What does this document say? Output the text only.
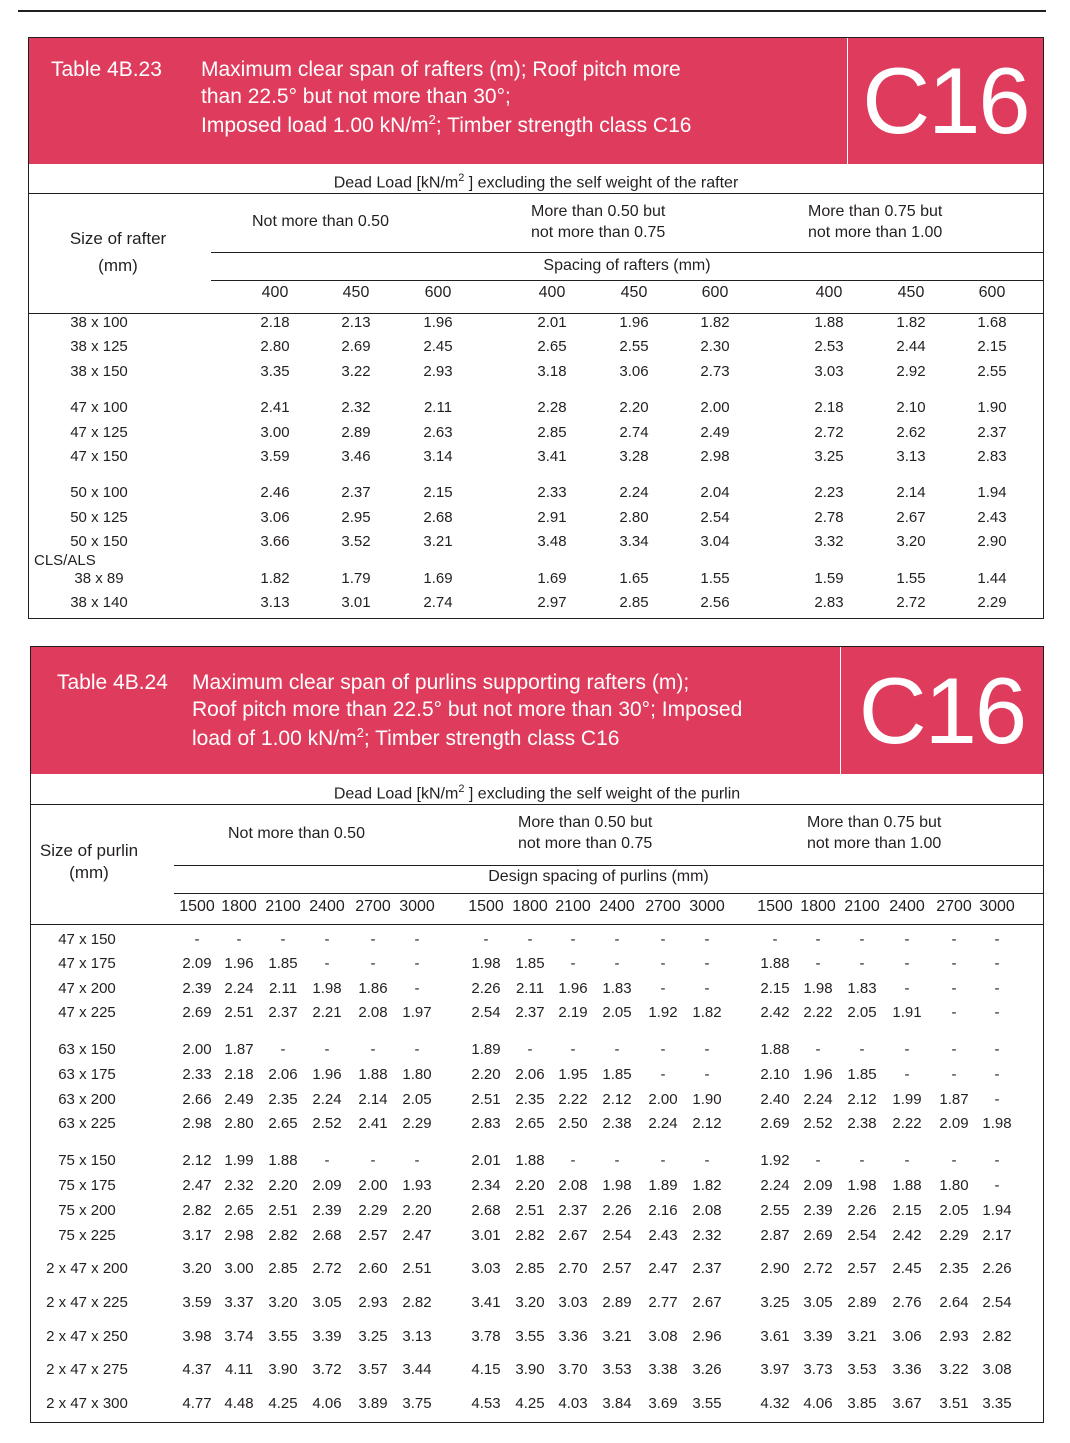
Table 4B.23 Maximum clear span of rafters (m); Roof pitch more
than 22.5° but not more than 30°;
Imposed load 1.00 $kN/m^2$; Timber strength class C16 C16
Dead Load [$kN/m^2$ ] excluding the self weight of the rafter
Size of rafter
(mm)
Not more than 0.50
More than 0.50 but
not more than 0.75
More than 0.75 but
not more than 1.00
Spacing of rafters (mm)
400	450	600	400	450	600	400	450	600
38 x 100	2.18	2.13	1.96	2.01	1.96	1.82	1.88	1.82	1.68
38 x 125	2.80	2.69	2.45	2.65	2.55	2.30	2.53	2.44	2.15
38 x 150	3.35	3.22	2.93	3.18	3.06	2.73	3.03	2.92	2.55
47 x 100	2.41	2.32	2.11	2.28	2.20	2.00	2.18	2.10	1.90
47 x 125	3.00	2.89	2.63	2.85	2.74	2.49	2.72	2.62	2.37
47 x 150	3.59	3.46	3.14	3.41	3.28	2.98	3.25	3.13	2.83
50 x 100	2.46	2.37	2.15	2.33	2.24	2.04	2.23	2.14	1.94
50 x 125	3.06	2.95	2.68	2.91	2.80	2.54	2.78	2.67	2.43
50 x 150	3.66	3.52	3.21	3.48	3.34	3.04	3.32	3.20	2.90
38 x 89	1.82	1.79	1.69	1.69	1.65	1.55	1.59	1.55	1.44
38 x 140	3.13	3.01	2.74	2.97	2.85	2.56	2.83	2.72	2.29
CLS/ALS
Table 4B.24 Maximum clear span of purlins supporting rafters (m);
Roof pitch more than 22.5° but not more than 30°; Imposed
load of 1.00 $kN/m^2$; Timber strength class C16	C16
Dead Load [$kN/m^2$ ] excluding the self weight of the purlin
Size of purlin
(mm)
Not more than 0.50
More than 0.50 but
not more than 0.75
More than 0.75 but
not more than 1.00
Design spacing of purlins (mm)
1500 1800 2100 2400 2700 3000	1500 1800 2100 2400 2700 3000	1500 1800 2100 2400 2700 3000
47 x 150	-	-	-	-	-	-	-	-	-	-	-	-	-	-	-	-	-	-
47 x 175	2.09 1.96 1.85	-	-	-	1.98 1.85	-	-	-	-	1.88	-	-	-	-	-
47 x 200	2.39 2.24	2.11	1.98	1.86	-	2.26	2.11 1.96 1.83	-	-	2.15 1.98 1.83	-	-	-
47 x 225	2.69 2.51 2.37 2.21	2.08 1.97	2.54 2.37 2.19 2.05	1.92 1.82	2.42 2.22 2.05	1.91	-	-
63 x 150	2.00 1.87	-	-	-	-	1.89	-	-	-	-	-	1.88	-	-	-	-	-
63 x 175	2.33 2.18 2.06 1.96	1.88 1.80	2.20 2.06 1.95 1.85	-	-	2.10 1.96 1.85	-	-	-
63 x 200	2.66 2.49 2.35 2.24	2.14 2.05	2.51 2.35 2.22 2.12	2.00 1.90	2.40 2.24 2.12	1.99	1.87	-
63 x 225	2.98 2.80 2.65 2.52	2.41 2.29	2.83 2.65 2.50 2.38	2.24 2.12	2.69 2.52 2.38	2.22	2.09 1.98
75 x 150	2.12 1.99 1.88	-	-	-	2.01 1.88	-	-	-	-	1.92	-	-	-	-	-
75 x 175	2.47 2.32 2.20 2.09	2.00 1.93	2.34 2.20 2.08 1.98	1.89 1.82	2.24 2.09 1.98	1.88	1.80	-
75 x 200	2.82 2.65 2.51 2.39	2.29 2.20	2.68 2.51 2.37 2.26	2.16 2.08	2.55 2.39 2.26	2.15	2.05 1.94
75 x 225	3.17 2.98 2.82 2.68	2.57 2.47	3.01 2.82 2.67 2.54	2.43 2.32	2.87 2.69 2.54	2.42	2.29 2.17
2 x 47 x 200	3.20 3.00 2.85 2.72	2.60 2.51	3.03 2.85 2.70 2.57	2.47 2.37	2.90 2.72 2.57	2.45	2.35 2.26
2 x 47 x 225	3.59 3.37 3.20 3.05	2.93 2.82	3.41 3.20 3.03 2.89	2.77 2.67	3.25 3.05 2.89	2.76	2.64 2.54
2 x 47 x 250	3.98 3.74 3.55 3.39	3.25 3.13	3.78 3.55 3.36 3.21	3.08 2.96	3.61 3.39 3.21	3.06	2.93 2.82
2 x 47 x 275	4.37 4.11	3.90 3.72	3.57 3.44	4.15 3.90 3.70 3.53	3.38 3.26	3.97 3.73 3.53	3.36	3.22 3.08
2 x 47 x 300	4.77 4.48 4.25 4.06	3.89 3.75	4.53 4.25 4.03 3.84	3.69 3.55	4.32 4.06 3.85	3.67	3.51 3.35
